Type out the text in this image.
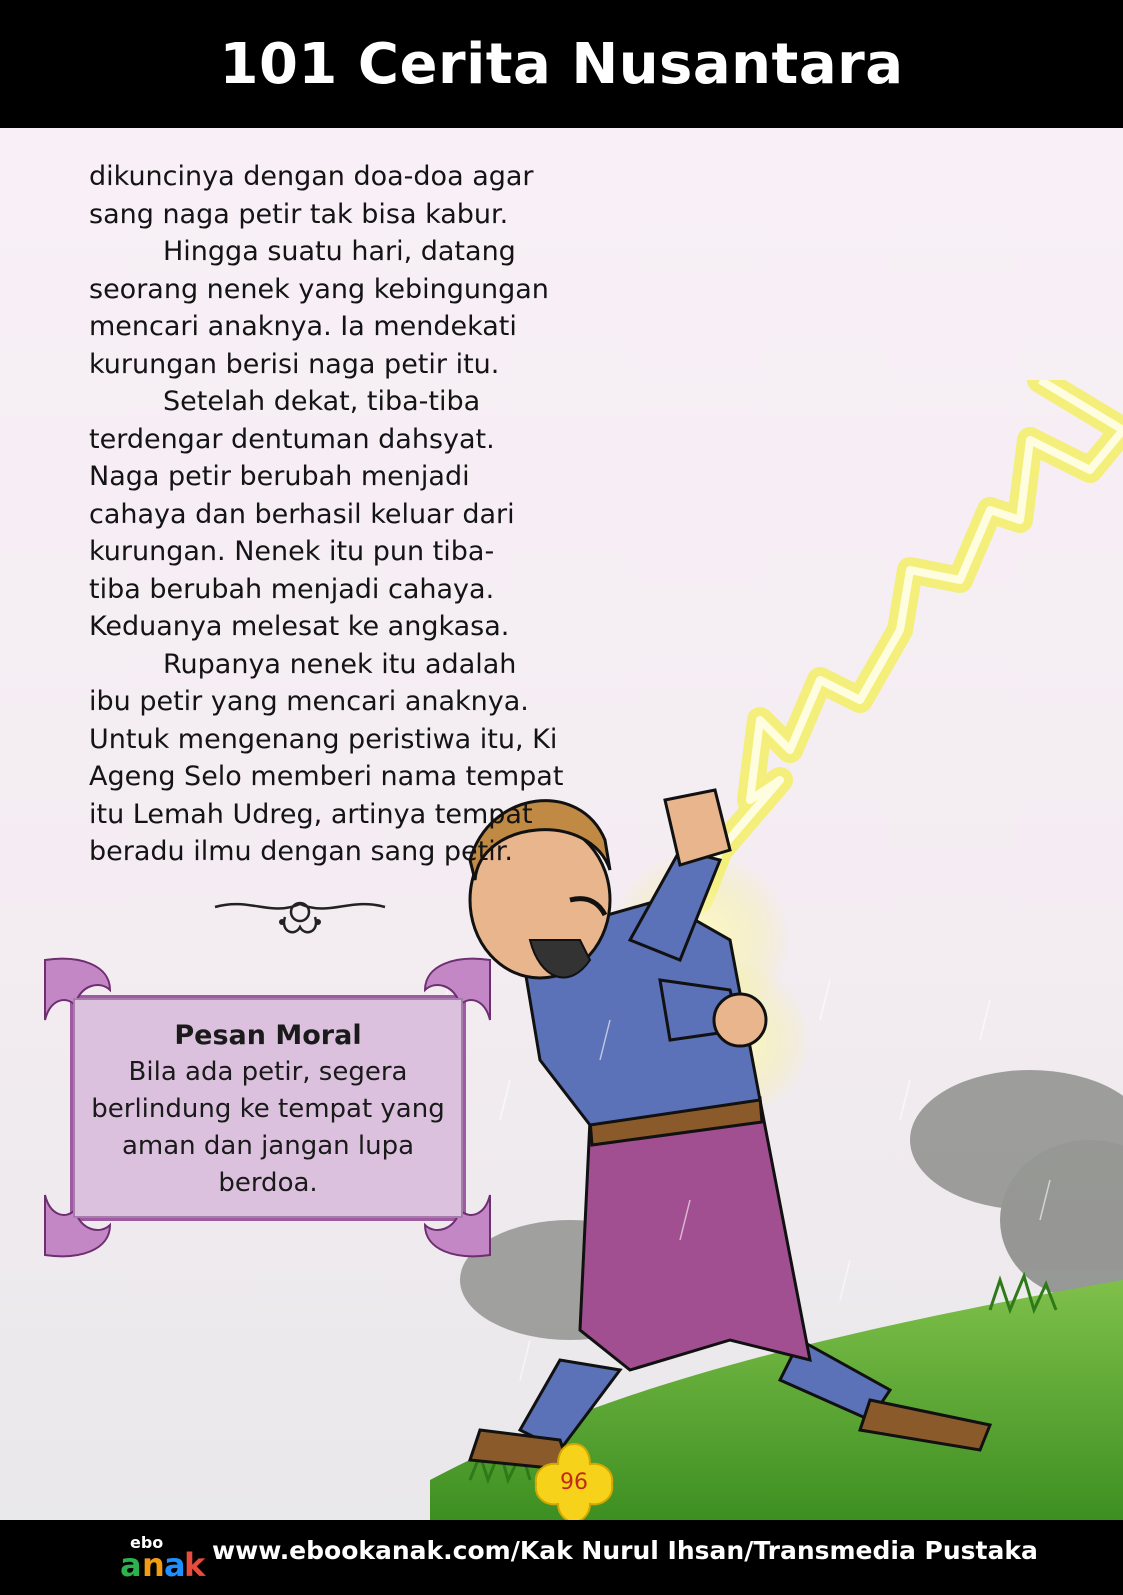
101 Cerita Nusantara
dikuncinya dengan doa-doa agar
sang naga petir tak bisa kabur.
Hingga suatu hari, datang
seorang nenek yang kebingungan
mencari anaknya. Ia mendekati
kurungan berisi naga petir itu.
Setelah dekat, tiba-tiba
terdengar dentuman dahsyat.
Naga petir berubah menjadi
cahaya dan berhasil keluar dari
kurungan. Nenek itu pun tiba-
tiba berubah menjadi cahaya.
Keduanya melesat ke angkasa.
Rupanya nenek itu adalah
ibu petir yang mencari anaknya.
Untuk mengenang peristiwa itu, Ki
Ageng Selo memberi nama tempat
itu Lemah Udreg, artinya tempat
beradu ilmu dengan sang petir.
Pesan Moral
Bila ada petir, segera
berlindung ke tempat yang
aman dan jangan lupa
berdoa.
96
ebo
a n a
k www.ebookanak.com/Kak Nurul Ihsan/Transmedia Pustaka
